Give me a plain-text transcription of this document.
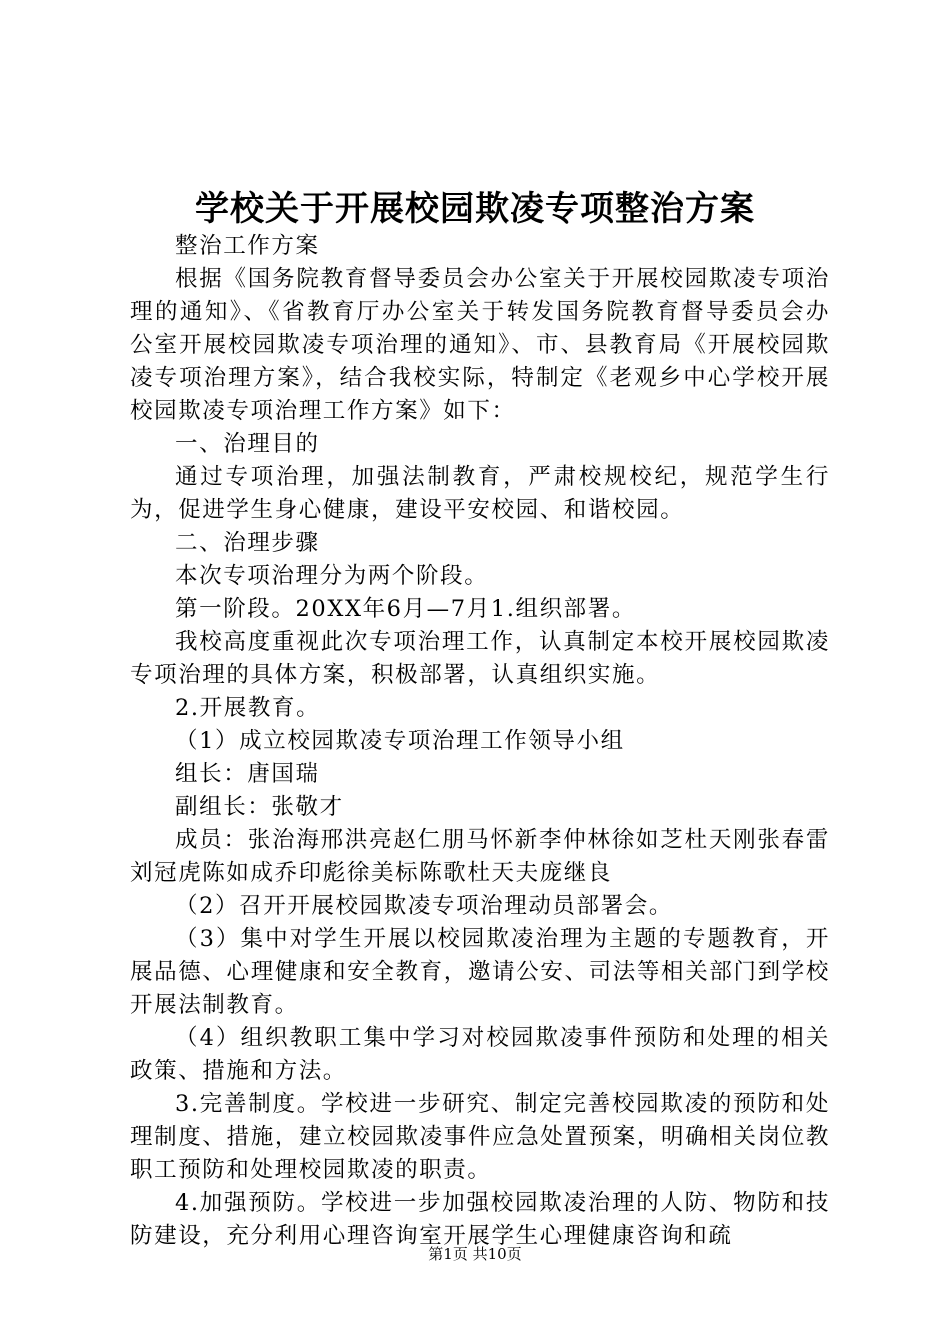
学校关于开展校园欺凌专项整治方案

整治工作方案

根据《国务院教育督导委员会办公室关于开展校园欺凌专项治理的通知》、《省教育厅办公室关于转发国务院教育督导委员会办公室开展校园欺凌专项治理的通知》、市、县教育局《开展校园欺凌专项治理方案》，结合我校实际，特制定《老观乡中心学校开展校园欺凌专项治理工作方案》如下：

一、治理目的

通过专项治理，加强法制教育，严肃校规校纪，规范学生行为，促进学生身心健康，建设平安校园、和谐校园。

二、治理步骤

本次专项治理分为两个阶段。

第一阶段。20XX年6月—7月1.组织部署。

我校高度重视此次专项治理工作，认真制定本校开展校园欺凌专项治理的具体方案，积极部署，认真组织实施。

2.开展教育。

（1）成立校园欺凌专项治理工作领导小组

组长：唐国瑞

副组长：张敬才

成员：张治海邢洪亮赵仁朋马怀新李仲林徐如芝杜天刚张春雷刘冠虎陈如成乔印彪徐美标陈歌杜天夫庞继良

（2）召开开展校园欺凌专项治理动员部署会。

（3）集中对学生开展以校园欺凌治理为主题的专题教育，开展品德、心理健康和安全教育，邀请公安、司法等相关部门到学校开展法制教育。

（4）组织教职工集中学习对校园欺凌事件预防和处理的相关政策、措施和方法。

3.完善制度。学校进一步研究、制定完善校园欺凌的预防和处理制度、措施，建立校园欺凌事件应急处置预案，明确相关岗位教职工预防和处理校园欺凌的职责。

4.加强预防。学校进一步加强校园欺凌治理的人防、物防和技防建设，充分利用心理咨询室开展学生心理健康咨询和疏

第1页 共10页
